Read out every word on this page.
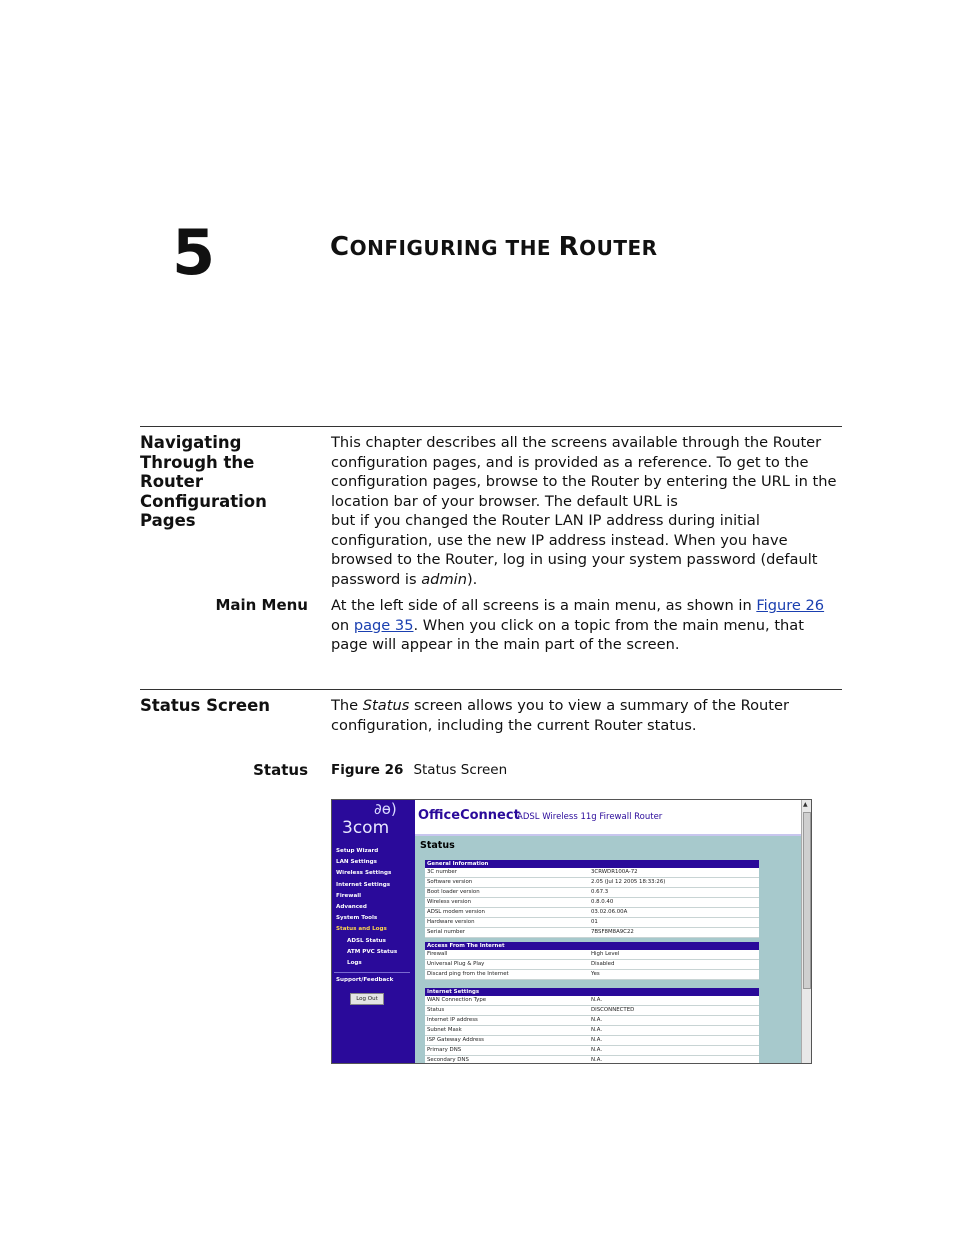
5	CONFIGURING THE ROUTER
Navigating Through the Router Configuration Pages

This chapter describes all the screens available through the Router configuration pages, and is provided as a reference. To get to the configuration pages, browse to the Router by entering the URL in the location bar of your browser. The default URL is

but if you changed the Router LAN IP address during initial configuration, use the new IP address instead. When you have browsed to the Router, log in using your system password (default password is admin).

Main Menu At the left side of all screens is a main menu, as shown in Figure 26 on page 35. When you click on a topic from the main menu, that page will appear in the main part of the screen.

Status Screen	The Status screen allows you to view a summary of the Router configuration, including the current Router status.

Status Figure 26 Status Screen
∂ɵ)
3com
Setup Wizard
LAN Settings
Wireless Settings
Internet Settings
Firewall
Advanced
System Tools
Status and Logs
ADSL Status
ATM PVC Status
Logs
Support/Feedback
Log Out
OfficeConnect
ADSL Wireless 11g Firewall Router
▲
Status
General Information
3C number	3CRWDR100A-72
Software version	2.05 (Jul 12 2005 18:33:26)
Boot loader version	0.67.3
Wireless version	0.8.0.40
ADSL modem version	03.02.06.00A
Hardware version	01
Serial number	7BSF8M8A9C22
Access From The Internet
Firewall	High Level
Universal Plug & Play	Disabled
Discard ping from the Internet	Yes
Internet Settings
WAN Connection Type	N.A.
Status	DISCONNECTED
Internet IP address	N.A.
Subnet Mask	N.A.
ISP Gateway Address	N.A.
Primary DNS	N.A.
Secondary DNS	N.A.
